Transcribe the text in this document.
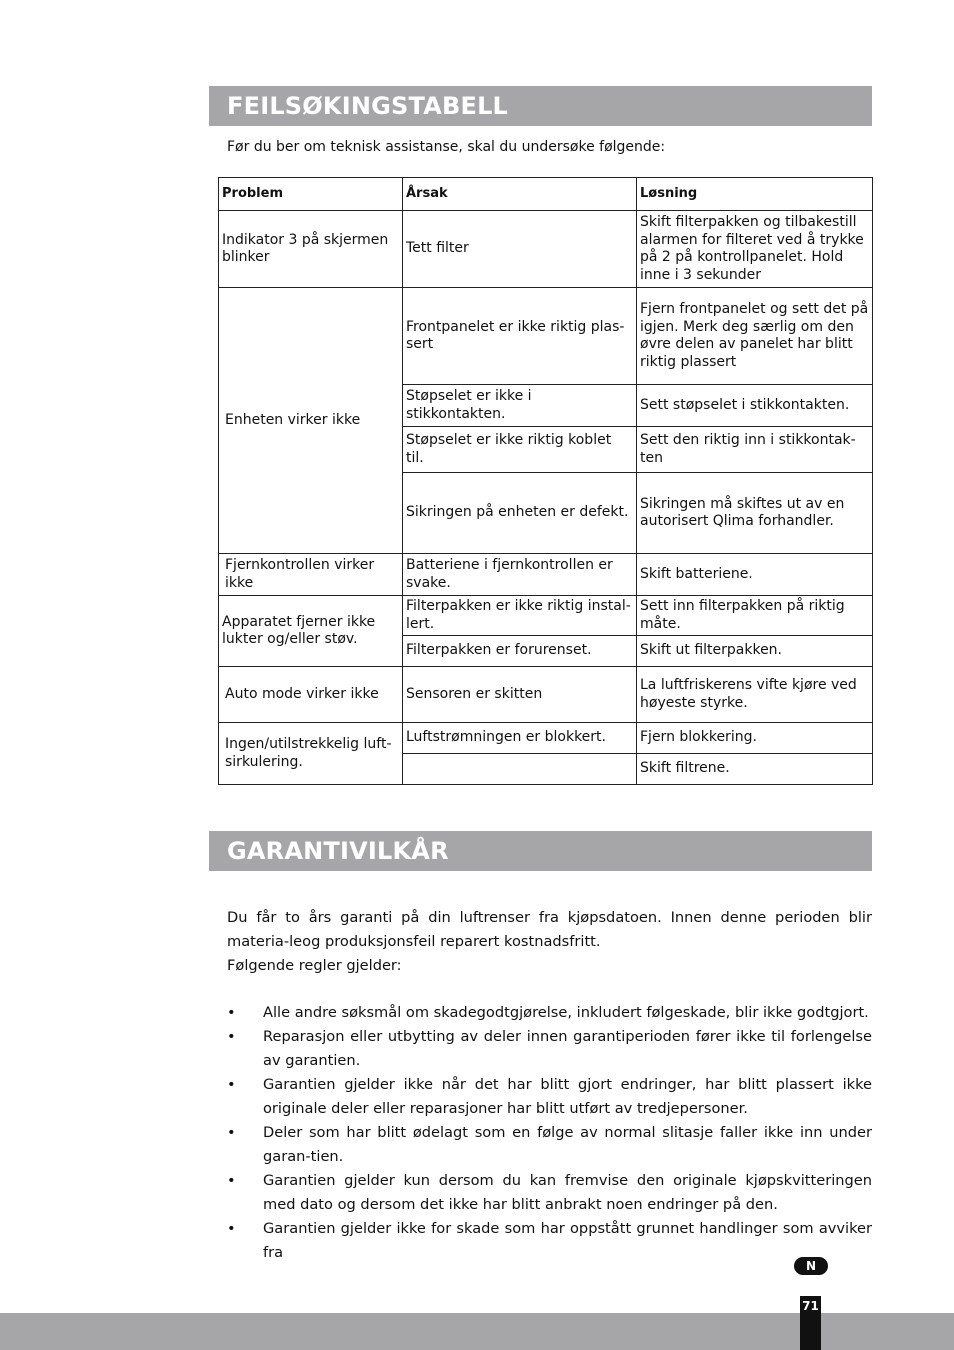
FEILSØKINGSTABELL
Før du ber om teknisk assistanse, skal du undersøke følgende:
Problem	Årsak	Løsning
Indikator 3 på skjermen blinker	Tett filter	Skift filterpakken og tilbakestill alarmen for filteret ved å trykke på 2 på kontrollpanelet. Hold inne i 3 sekunder
Enheten virker ikke	Frontpanelet er ikke riktig plas-sert	Fjern frontpanelet og sett det på igjen. Merk deg særlig om den øvre delen av panelet har blitt riktig plassert
	Støpselet er ikke i stikkontakten.	Sett støpselet i stikkontakten.
	Støpselet er ikke riktig koblet til.	Sett den riktig inn i stikkontak-ten
	Sikringen på enheten er defekt.	Sikringen må skiftes ut av en autorisert Qlima forhandler.
Fjernkontrollen virker ikke	Batteriene i fjernkontrollen er svake.	Skift batteriene.
Apparatet fjerner ikke lukter og/eller støv.	Filterpakken er ikke riktig instal-lert.	Sett inn filterpakken på riktig måte.
	Filterpakken er forurenset.	Skift ut filterpakken.
Auto mode virker ikke	Sensoren er skitten	La luftfriskerens vifte kjøre ved høyeste styrke.
Ingen/utilstrekkelig luft-sirkulering.	Luftstrømningen er blokkert.	Fjern blokkering.
		Skift filtrene.
GARANTIVILKÅR
Du får to års garanti på din luftrenser fra kjøpsdatoen. Innen denne perioden blir materia-leog produksjonsfeil reparert kostnadsfritt.
Følgende regler gjelder:
• Alle andre søksmål om skadegodtgjørelse, inkludert følgeskade, blir ikke godtgjort.
• Reparasjon eller utbytting av deler innen garantiperioden fører ikke til forlengelse av garantien.
• Garantien gjelder ikke når det har blitt gjort endringer, har blitt plassert ikke originale deler eller reparasjoner har blitt utført av tredjepersoner.
• Deler som har blitt ødelagt som en følge av normal slitasje faller ikke inn under garan-tien.
• Garantien gjelder kun dersom du kan fremvise den originale kjøpskvitteringen med dato og dersom det ikke har blitt anbrakt noen endringer på den.
• Garantien gjelder ikke for skade som har oppstått grunnet handlinger som avviker fra
N
71
